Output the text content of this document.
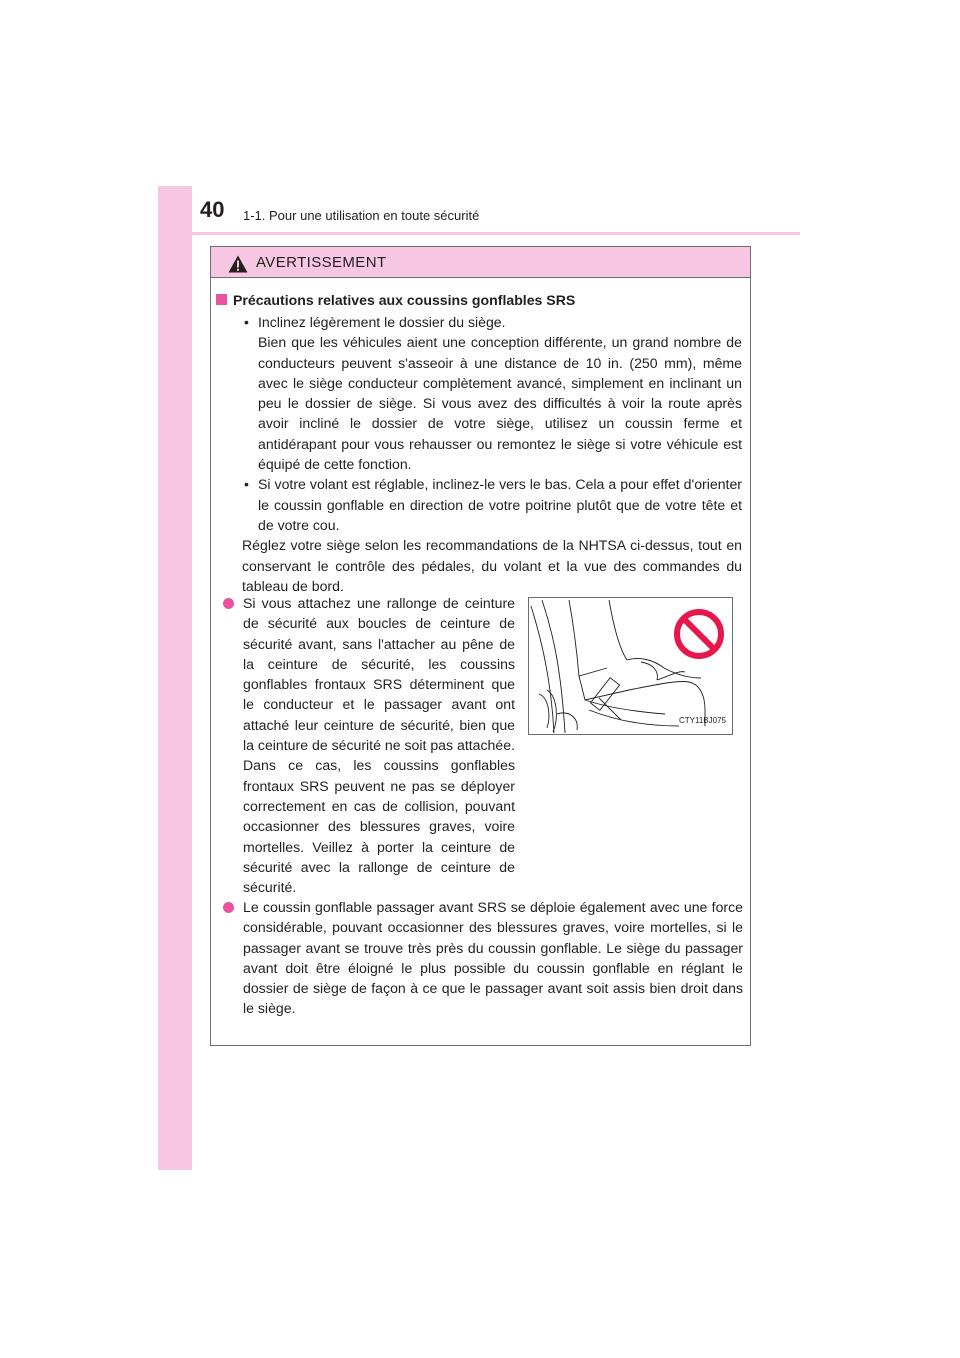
40 1-1. Pour une utilisation en toute sécurité
AVERTISSEMENT
Précautions relatives aux coussins gonflables SRS
• Inclinez légèrement le dossier du siège.
Bien que les véhicules aient une conception différente, un grand nombre de conducteurs peuvent s'asseoir à une distance de 10 in. (250 mm), même avec le siège conducteur complètement avancé, simplement en inclinant un peu le dossier de siège. Si vous avez des difficultés à voir la route après avoir incliné le dossier de votre siège, utilisez un coussin ferme et antidérapant pour vous rehausser ou remontez le siège si votre véhicule est équipé de cette fonction.
• Si votre volant est réglable, inclinez-le vers le bas. Cela a pour effet d'orienter le coussin gonflable en direction de votre poitrine plutôt que de votre tête et de votre cou.
Réglez votre siège selon les recommandations de la NHTSA ci-dessus, tout en conservant le contrôle des pédales, du volant et la vue des commandes du tableau de bord.
Si vous attachez une rallonge de ceinture de sécurité aux boucles de ceinture de sécurité avant, sans l'attacher au pêne de la ceinture de sécurité, les coussins gonflables frontaux SRS déterminent que le conducteur et le passager avant ont attaché leur ceinture de sécurité, bien que la ceinture de sécurité ne soit pas attachée. Dans ce cas, les coussins gonflables frontaux SRS peuvent ne pas se déployer correctement en cas de collision, pouvant occasionner des blessures graves, voire mortelles. Veillez à porter la ceinture de sécurité avec la rallonge de ceinture de sécurité.
CTY11BJ075
Le coussin gonflable passager avant SRS se déploie également avec une force considérable, pouvant occasionner des blessures graves, voire mortelles, si le passager avant se trouve très près du coussin gonflable. Le siège du passager avant doit être éloigné le plus possible du coussin gonflable en réglant le dossier de siège de façon à ce que le passager avant soit assis bien droit dans le siège.
